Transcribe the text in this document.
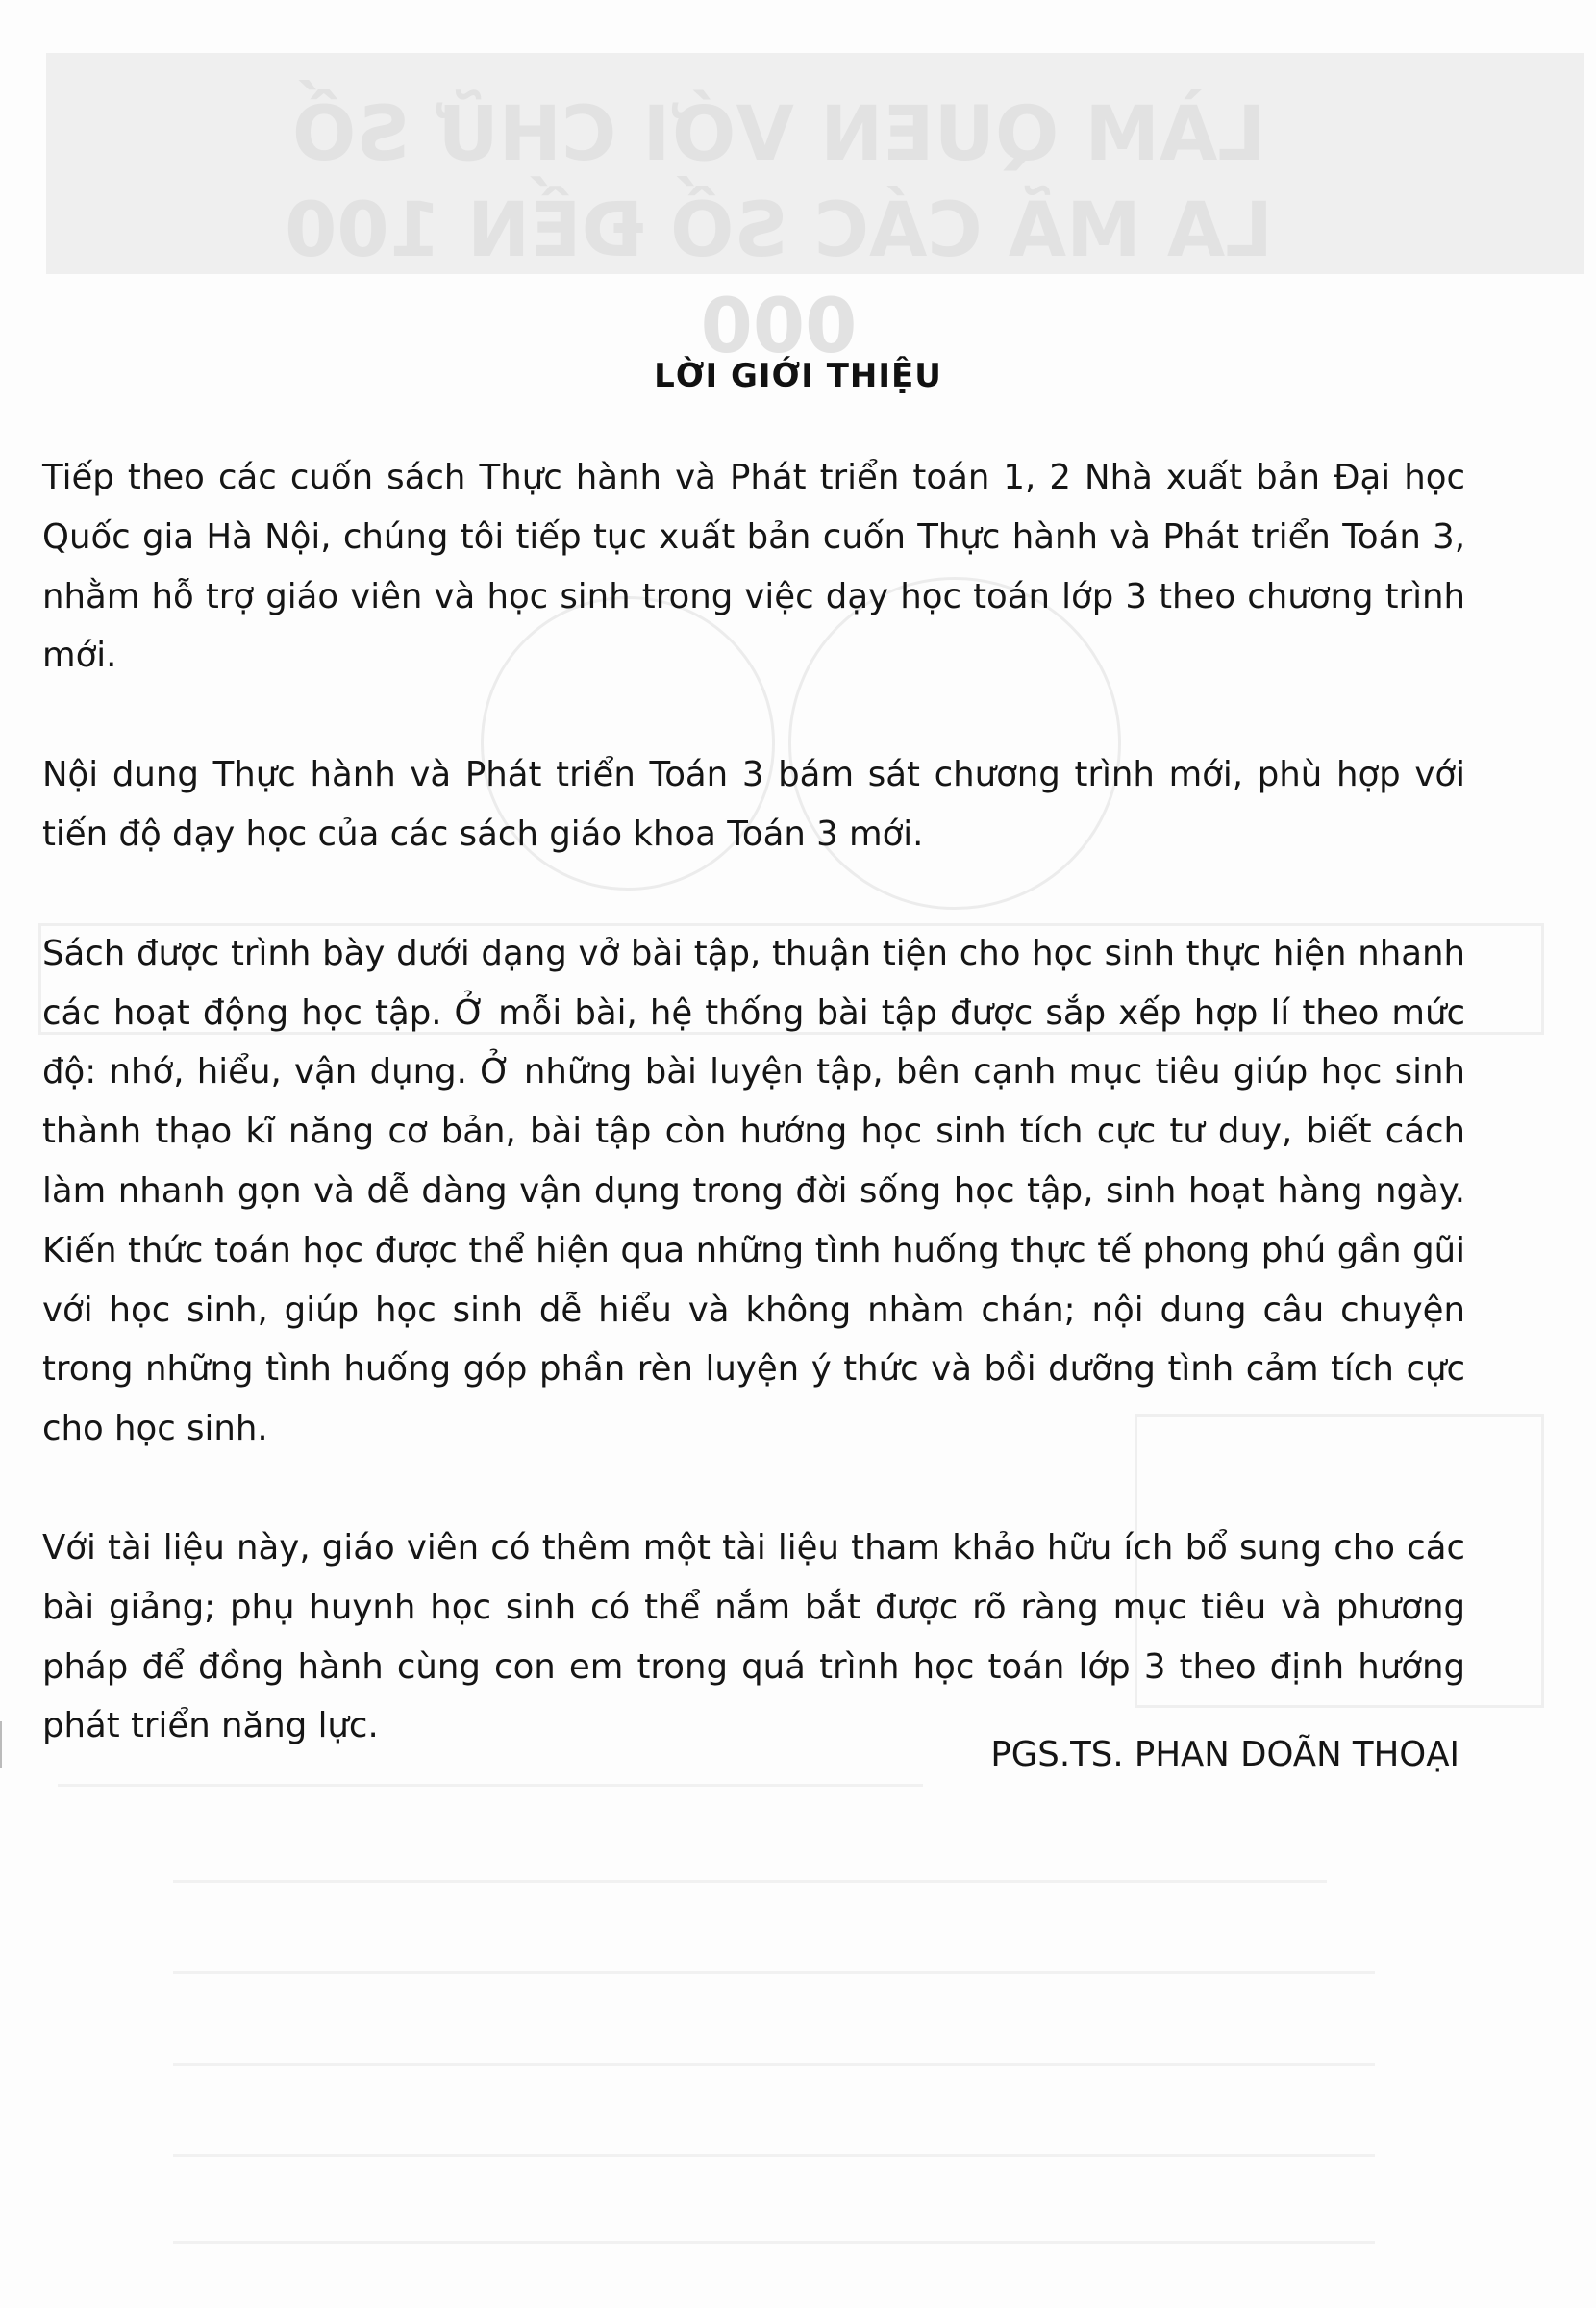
LÀM QUEN VỚI CHỮ SỐ LA MÃ CÁC SỐ ĐẾN 100 000
LỜI GIỚI THIỆU

Tiếp theo các cuốn sách Thực hành và Phát triển toán 1, 2 Nhà xuất bản Đại học Quốc gia Hà Nội, chúng tôi tiếp tục xuất bản cuốn Thực hành và Phát triển Toán 3, nhằm hỗ trợ giáo viên và học sinh trong việc dạy học toán lớp 3 theo chương trình mới.

Nội dung Thực hành và Phát triển Toán 3 bám sát chương trình mới, phù hợp với tiến độ dạy học của các sách giáo khoa Toán 3 mới.

Sách được trình bày dưới dạng vở bài tập, thuận tiện cho học sinh thực hiện nhanh các hoạt động học tập. Ở mỗi bài, hệ thống bài tập được sắp xếp hợp lí theo mức độ: nhớ, hiểu, vận dụng. Ở những bài luyện tập, bên cạnh mục tiêu giúp học sinh thành thạo kĩ năng cơ bản, bài tập còn hướng học sinh tích cực tư duy, biết cách làm nhanh gọn và dễ dàng vận dụng trong đời sống học tập, sinh hoạt hàng ngày. Kiến thức toán học được thể hiện qua những tình huống thực tế phong phú gần gũi với học sinh, giúp học sinh dễ hiểu và không nhàm chán; nội dung câu chuyện trong những tình huống góp phần rèn luyện ý thức và bồi dưỡng tình cảm tích cực cho học sinh.

Với tài liệu này, giáo viên có thêm một tài liệu tham khảo hữu ích bổ sung cho các bài giảng; phụ huynh học sinh có thể nắm bắt được rõ ràng mục tiêu và phương pháp để đồng hành cùng con em trong quá trình học toán lớp 3 theo định hướng phát triển năng lực.

PGS.TS. PHAN DOÃN THOẠI
